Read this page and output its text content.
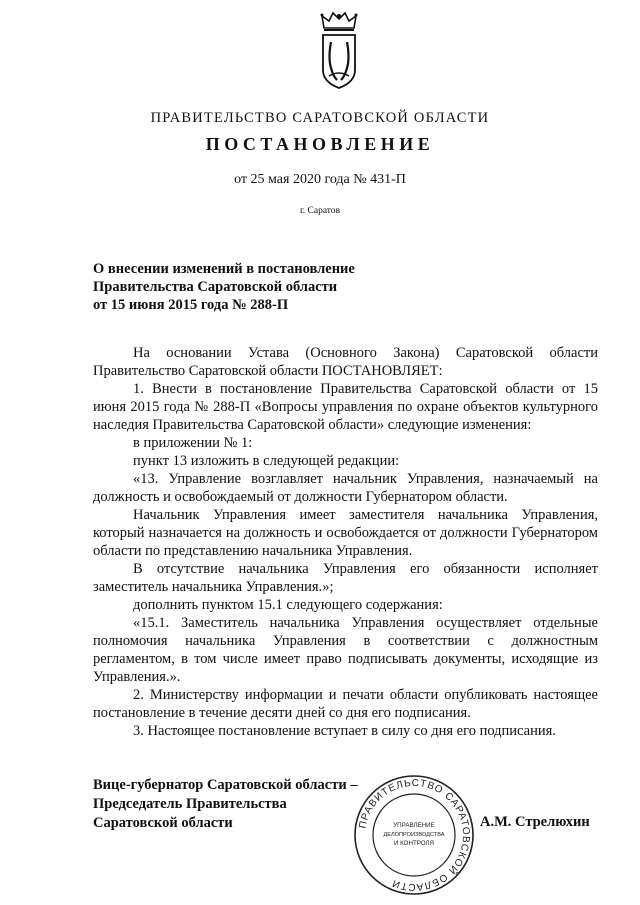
ПРАВИТЕЛЬСТВО САРАТОВСКОЙ ОБЛАСТИ
ПОСТАНОВЛЕНИЕ
от 25 мая 2020 года № 431-П
г. Саратов
О внесении изменений в постановление
Правительства Саратовской области
от 15 июня 2015 года № 288-П

На основании Устава (Основного Закона) Саратовской области Правительство Саратовской области ПОСТАНОВЛЯЕТ:

1. Внести в постановление Правительства Саратовской области от 15 июня 2015 года № 288-П «Вопросы управления по охране объектов культурного наследия Правительства Саратовской области» следующие изменения:

в приложении № 1:

пункт 13 изложить в следующей редакции:

«13. Управление возглавляет начальник Управления, назначаемый на должность и освобождаемый от должности Губернатором области.

Начальник Управления имеет заместителя начальника Управления, который назначается на должность и освобождается от должности Губернатором области по представлению начальника Управления.

В отсутствие начальника Управления его обязанности исполняет заместитель начальника Управления.»;

дополнить пунктом 15.1 следующего содержания:

«15.1. Заместитель начальника Управления осуществляет отдельные полномочия начальника Управления в соответствии с должностным регламентом, в том числе имеет право подписывать документы, исходящие из Управления.».

2. Министерству информации и печати области опубликовать настоящее постановление в течение десяти дней со дня его подписания.

3. Настоящее постановление вступает в силу со дня его подписания.

Вице-губернатор Саратовской области –
Председатель Правительства
Саратовской области	ПРАВИТЕЛЬСТВО САРАТОВСКОЙ ОБЛАСТИ
УПРАВЛЕНИЕ
ДЕЛОПРОИЗВОДСТВА
И КОНТРОЛЯ
А.М. Стрелюхин
